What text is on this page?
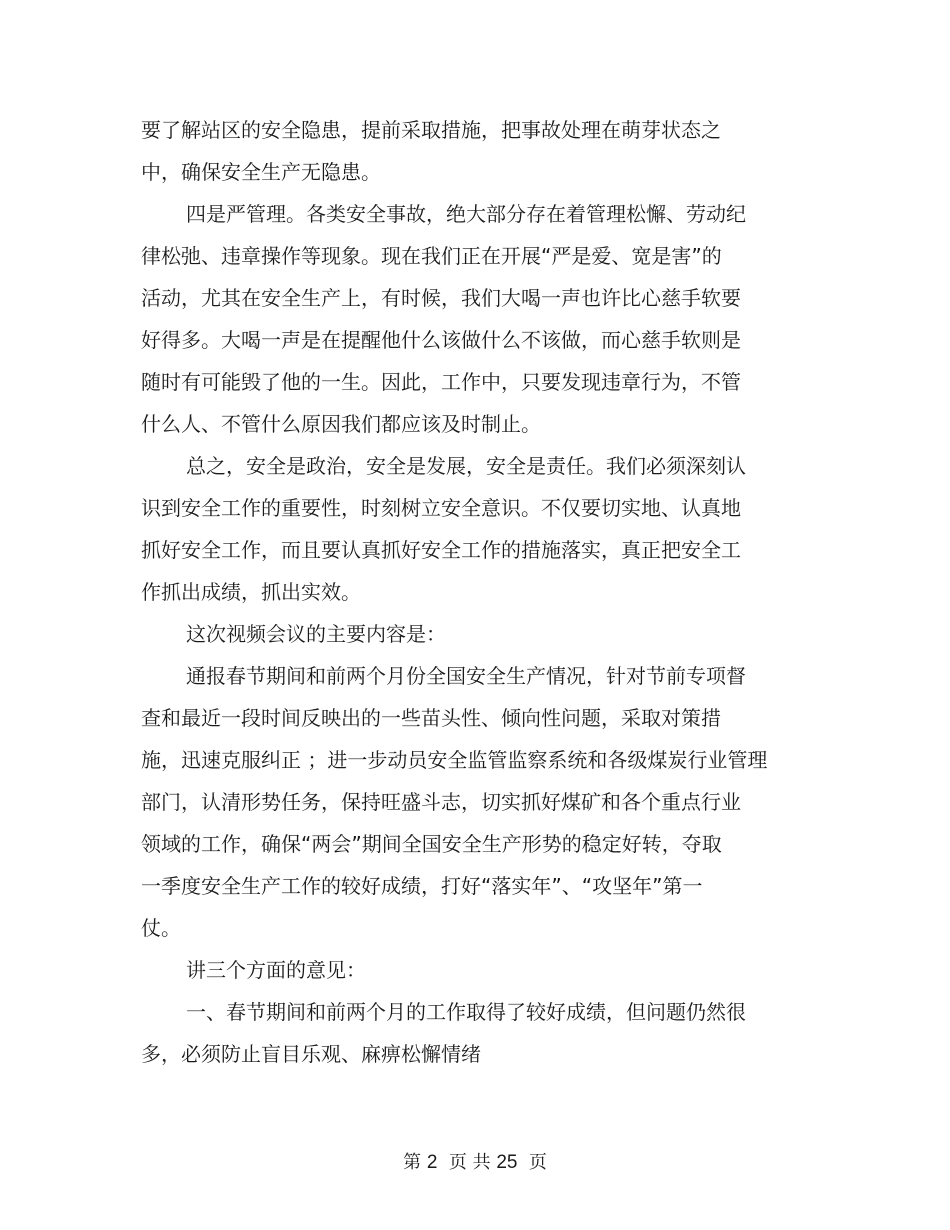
要了解站区的安全隐患，提前采取措施，把事故处理在萌芽状态之
中，确保安全生产无隐患。
四是严管理。各类安全事故，绝大部分存在着管理松懈、劳动纪
律松弛、违章操作等现象。现在我们正在开展“严是爱、宽是害”的
活动，尤其在安全生产上，有时候，我们大喝一声也许比心慈手软要
好得多。大喝一声是在提醒他什么该做什么不该做，而心慈手软则是
随时有可能毁了他的一生。因此，工作中，只要发现违章行为，不管
什么人、不管什么原因我们都应该及时制止。
总之，安全是政治，安全是发展，安全是责任。我们必须深刻认
识到安全工作的重要性，时刻树立安全意识。不仅要切实地、认真地
抓好安全工作，而且要认真抓好安全工作的措施落实，真正把安全工
作抓出成绩，抓出实效。
这次视频会议的主要内容是：
通报春节期间和前两个月份全国安全生产情况，针对节前专项督
查和最近一段时间反映出的一些苗头性、倾向性问题，采取对策措
施，迅速克服纠正 ；进一步动员安全监管监察系统和各级煤炭行业管理
部门，认清形势任务，保持旺盛斗志，切实抓好煤矿和各个重点行业
领域的工作，确保“两会”期间全国安全生产形势的稳定好转，夺取
一季度安全生产工作的较好成绩，打好“落实年”、“攻坚年”第一
仗。
讲三个方面的意见：
一、春节期间和前两个月的工作取得了较好成绩，但问题仍然很
多，必须防止盲目乐观、麻痹松懈情绪
第 2 页 共 25 页
